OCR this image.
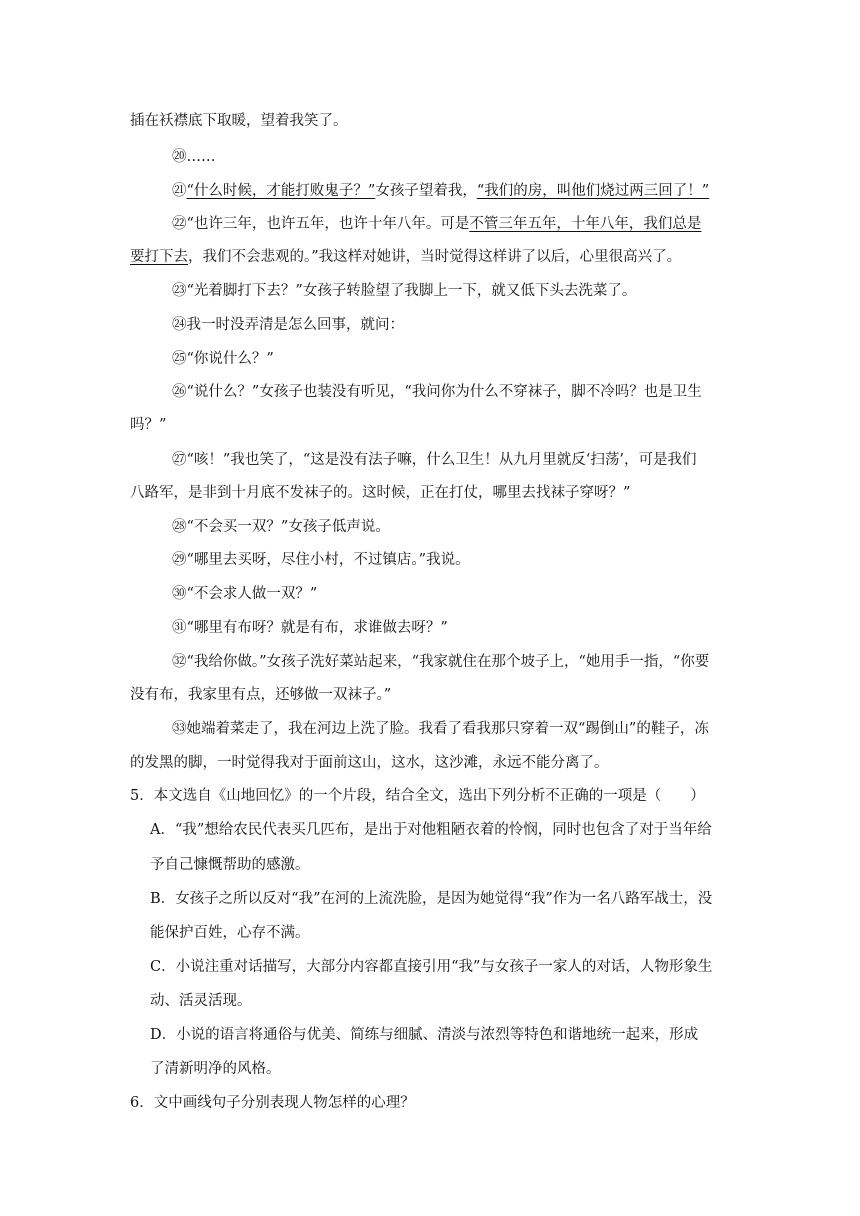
插在袄襟底下取暖，望着我笑了。
⑳……
㉑“什么时候，才能打败鬼子？”女孩子望着我，“我们的房，叫他们烧过两三回了！”
㉒“也许三年，也许五年，也许十年八年。可是不管三年五年，十年八年，我们总是
要打下去，我们不会悲观的。”我这样对她讲，当时觉得这样讲了以后，心里很高兴了。
㉓“光着脚打下去？”女孩子转脸望了我脚上一下，就又低下头去洗菜了。
㉔我一时没弄清是怎么回事，就问：
㉕“你说什么？”
㉖“说什么？”女孩子也装没有听见，“我问你为什么不穿袜子，脚不冷吗？也是卫生
吗？”
㉗“咳！”我也笑了，“这是没有法子嘛，什么卫生！从九月里就反‘扫荡’，可是我们
八路军，是非到十月底不发袜子的。这时候，正在打仗，哪里去找袜子穿呀？”
㉘“不会买一双？”女孩子低声说。
㉙“哪里去买呀，尽住小村，不过镇店。”我说。
㉚“不会求人做一双？”
㉛“哪里有布呀？就是有布，求谁做去呀？”
㉜“我给你做。”女孩子洗好菜站起来，“我家就住在那个坡子上，“她用手一指，“你要
没有布，我家里有点，还够做一双袜子。”
㉝她端着菜走了，我在河边上洗了脸。我看了看我那只穿着一双“踢倒山”的鞋子，冻
的发黑的脚，一时觉得我对于面前这山，这水，这沙滩，永远不能分离了。
5．本文选自《山地回忆》的一个片段，结合全文，选出下列分析不正确的一项是（　　）
A．“我”想给农民代表买几匹布，是出于对他粗陋衣着的怜悯，同时也包含了对于当年给
予自己慷慨帮助的感激。
B．女孩子之所以反对“我”在河的上流洗脸，是因为她觉得“我”作为一名八路军战士，没
能保护百姓，心存不满。
C．小说注重对话描写，大部分内容都直接引用“我”与女孩子一家人的对话，人物形象生
动、活灵活现。
D．小说的语言将通俗与优美、简练与细腻、清淡与浓烈等特色和谐地统一起来，形成
了清新明净的风格。
6．文中画线句子分别表现人物怎样的心理？
